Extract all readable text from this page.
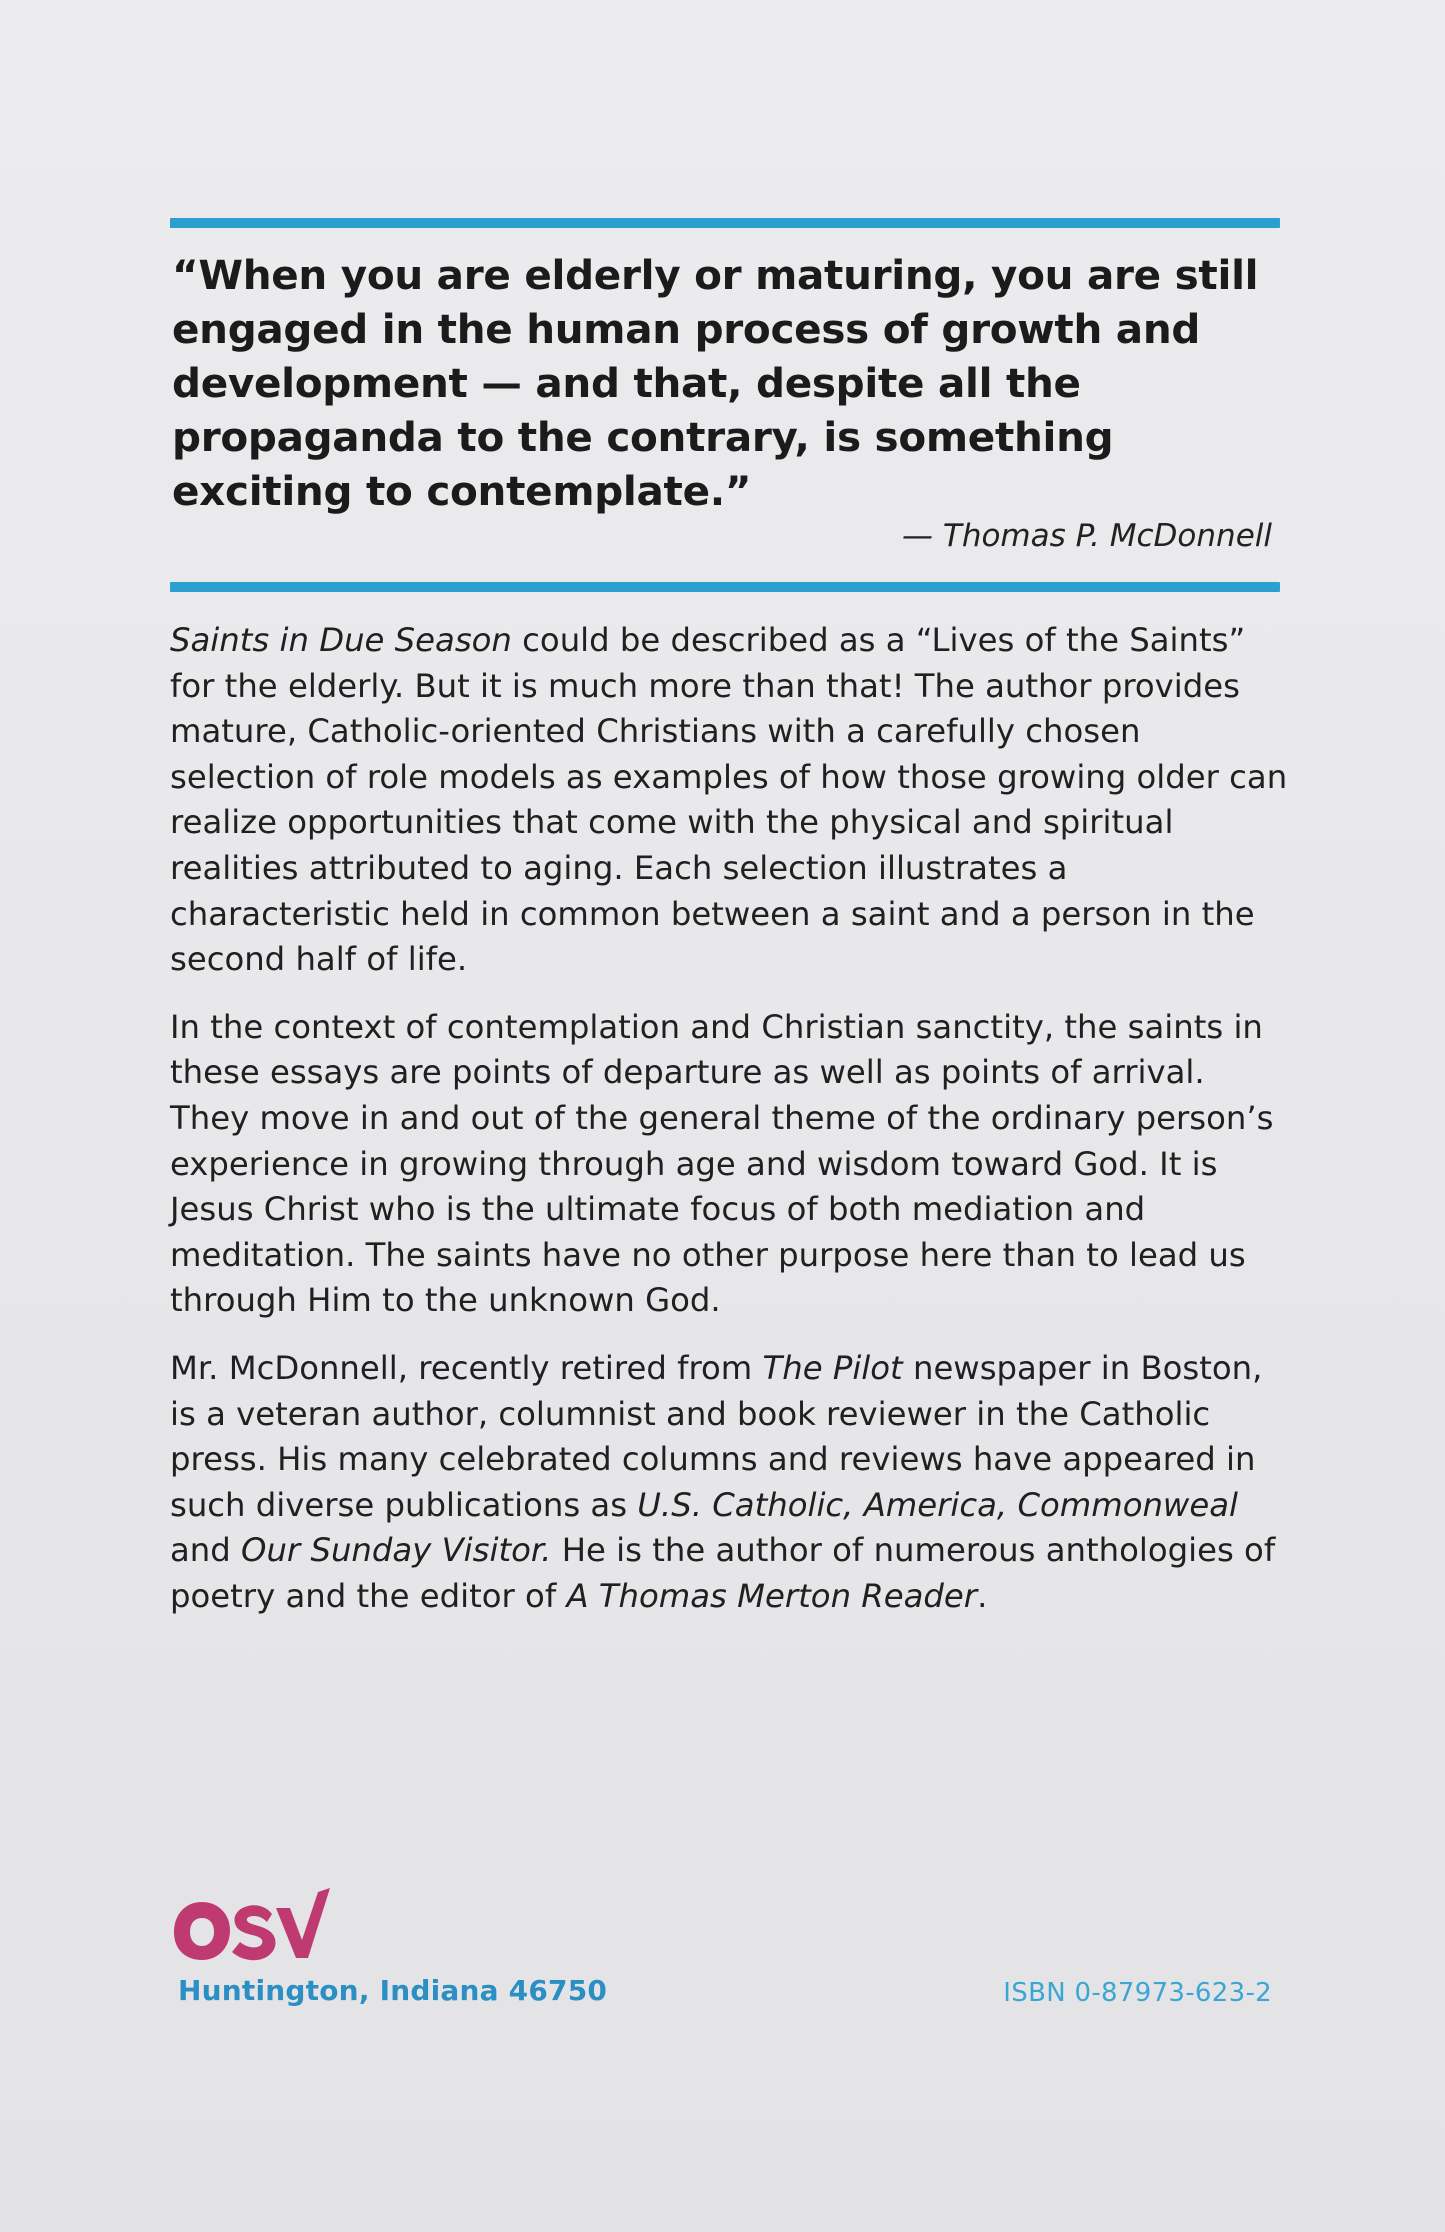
“When you are elderly or maturing, you are still engaged in the human process of growth and development — and that, despite all the propaganda to the contrary, is something exciting to contemplate.”

— Thomas P. McDonnell

Saints in Due Season could be described as a “Lives of the Saints” for the elderly. But it is much more than that! The author provides mature, Catholic-oriented Christians with a carefully chosen selection of role models as examples of how those growing older can realize opportunities that come with the physical and spiritual realities attributed to aging. Each selection illustrates a characteristic held in common between a saint and a person in the second half of life.

In the context of contemplation and Christian sanctity, the saints in these essays are points of departure as well as points of arrival. They move in and out of the general theme of the ordinary person’s experience in growing through age and wisdom toward God. It is Jesus Christ who is the ultimate focus of both mediation and meditation. The saints have no other purpose here than to lead us through Him to the unknown God.

Mr. McDonnell, recently retired from The Pilot newspaper in Boston, is a veteran author, columnist and book reviewer in the Catholic press. His many celebrated columns and reviews have appeared in such diverse publications as U.S. Catholic, America, Commonweal and Our Sunday Visitor. He is the author of numerous anthologies of poetry and the editor of A Thomas Merton Reader.

Huntington, Indiana 46750	ISBN 0-87973-623-2
